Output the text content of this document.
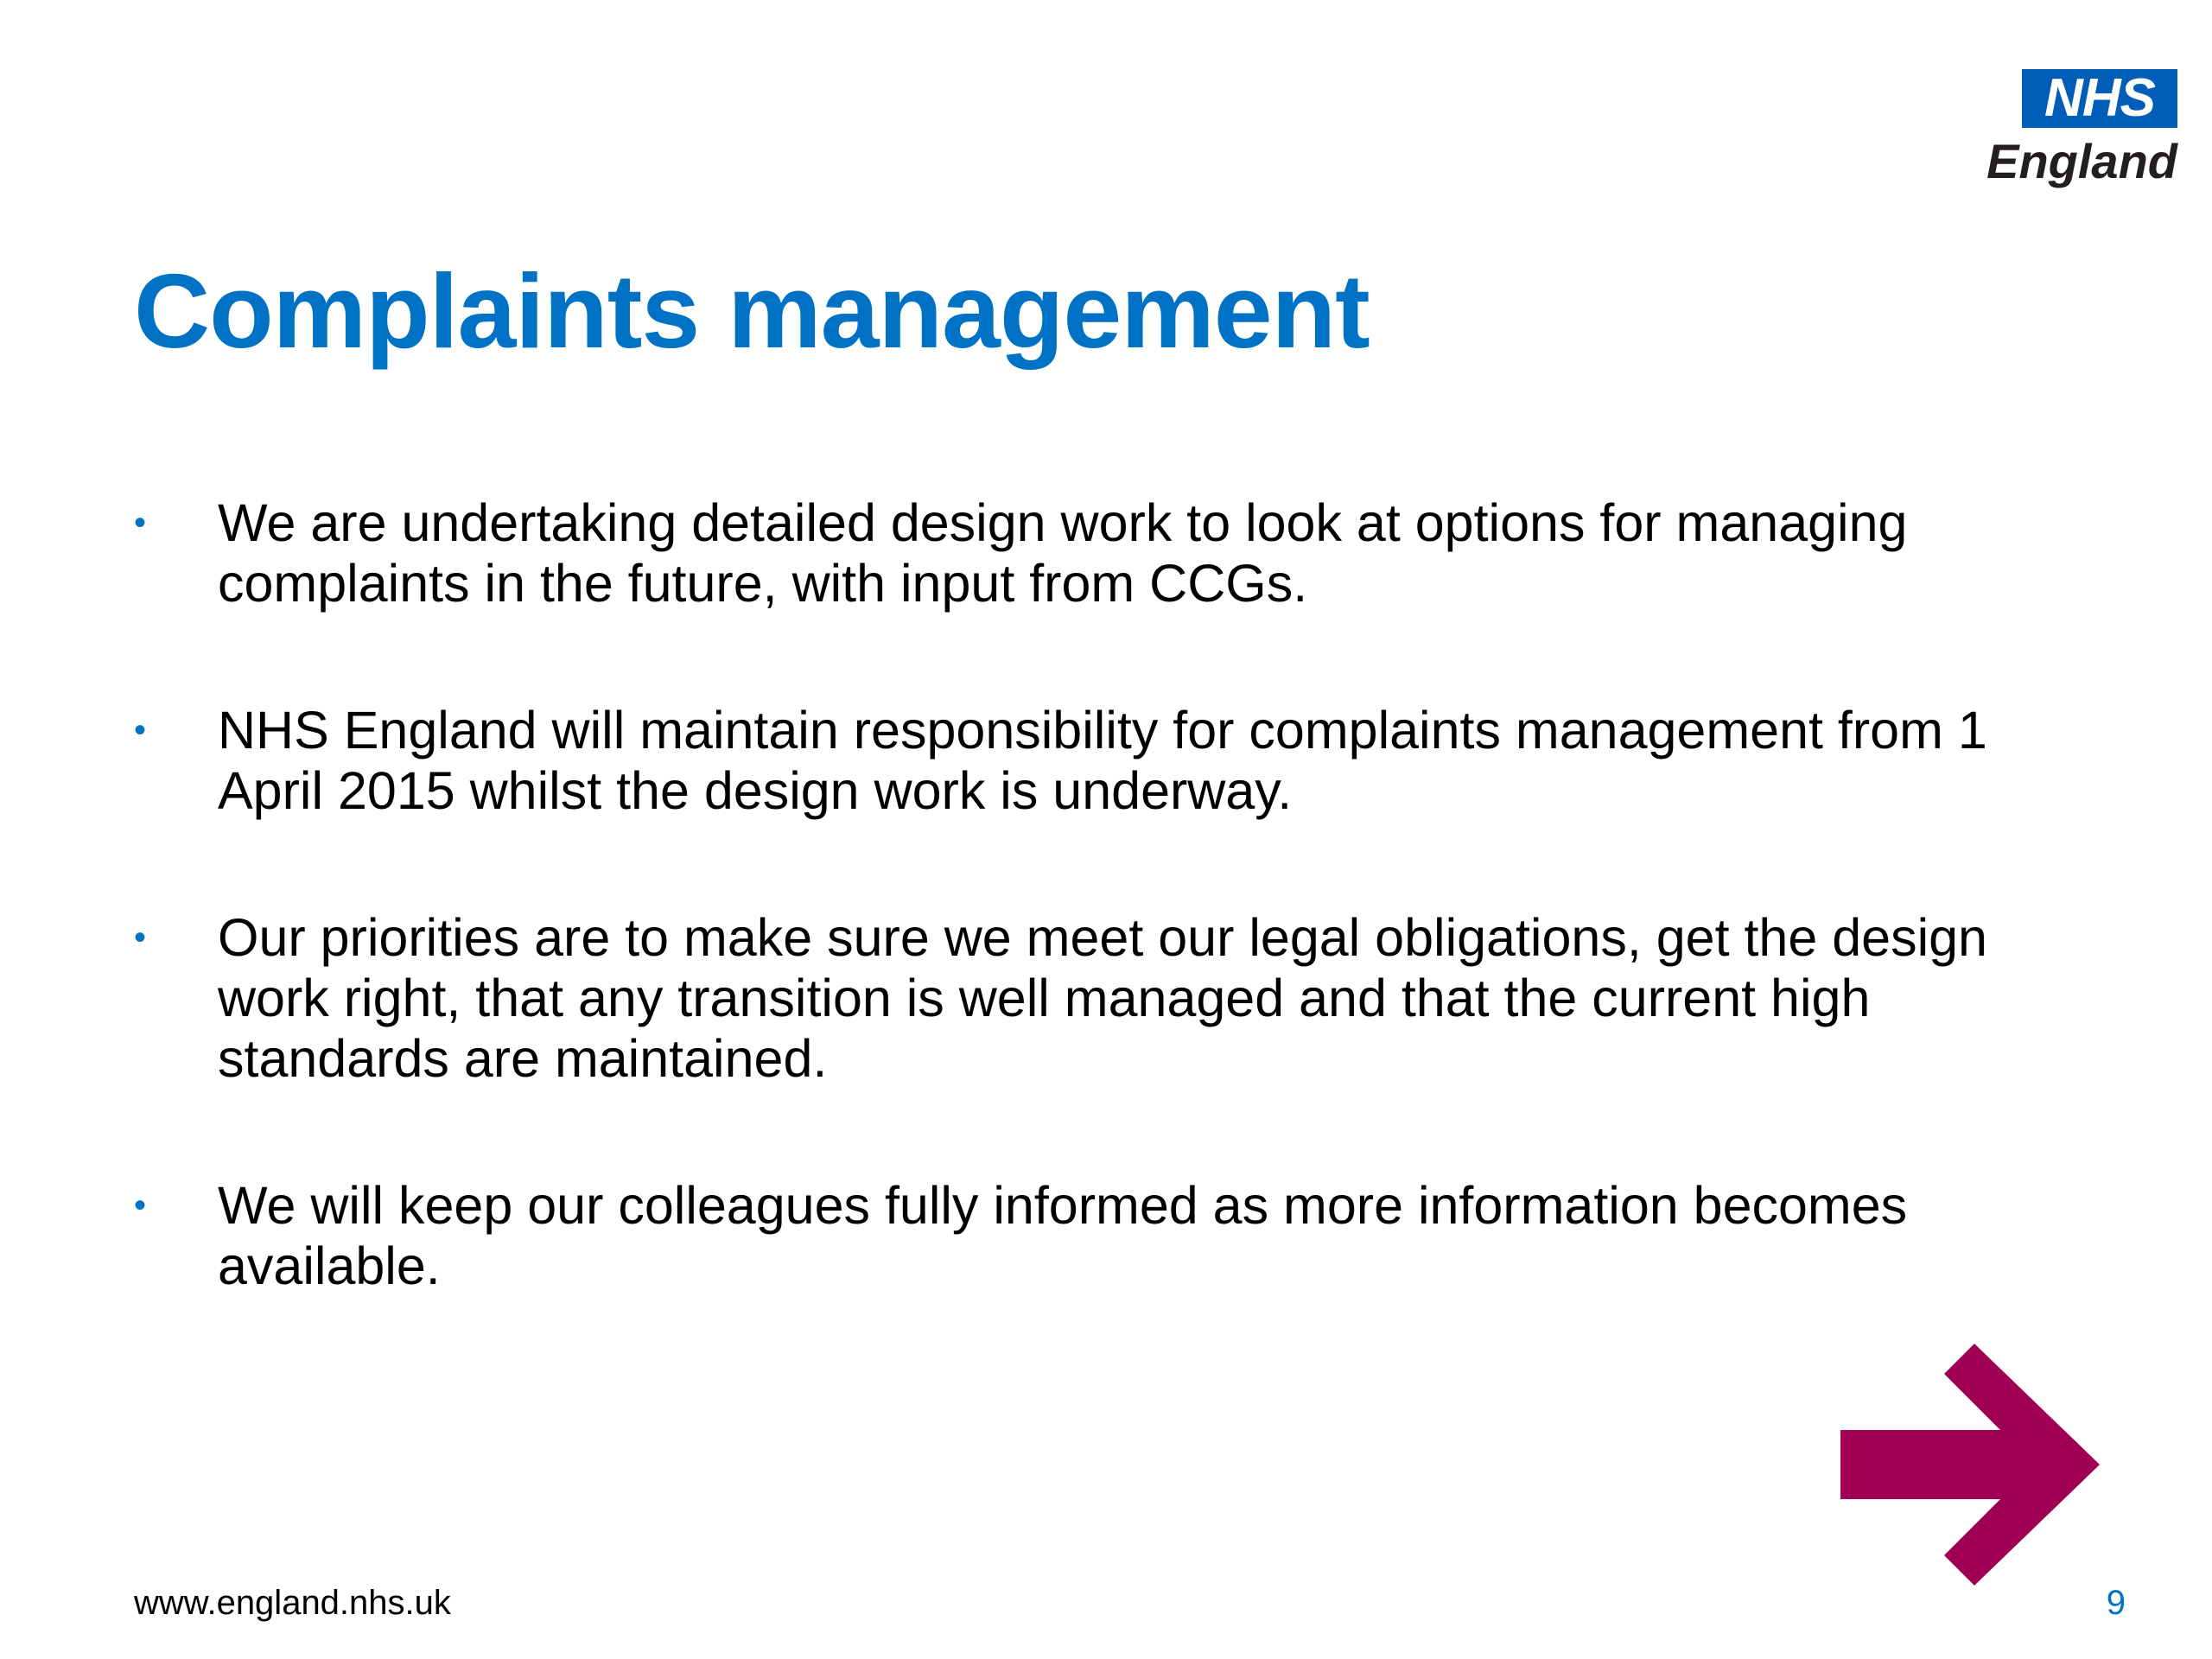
NHS
England
Complaints management
• We are undertaking detailed design work to look at options for managing complaints in the future, with input from CCGs.
• NHS England will maintain responsibility for complaints management from 1 April 2015 whilst the design work is underway.
• Our priorities are to make sure we meet our legal obligations, get the design work right, that any transition is well managed and that the current high standards are maintained.
• We will keep our colleagues fully informed as more information becomes available.
www.england.nhs.uk	9
